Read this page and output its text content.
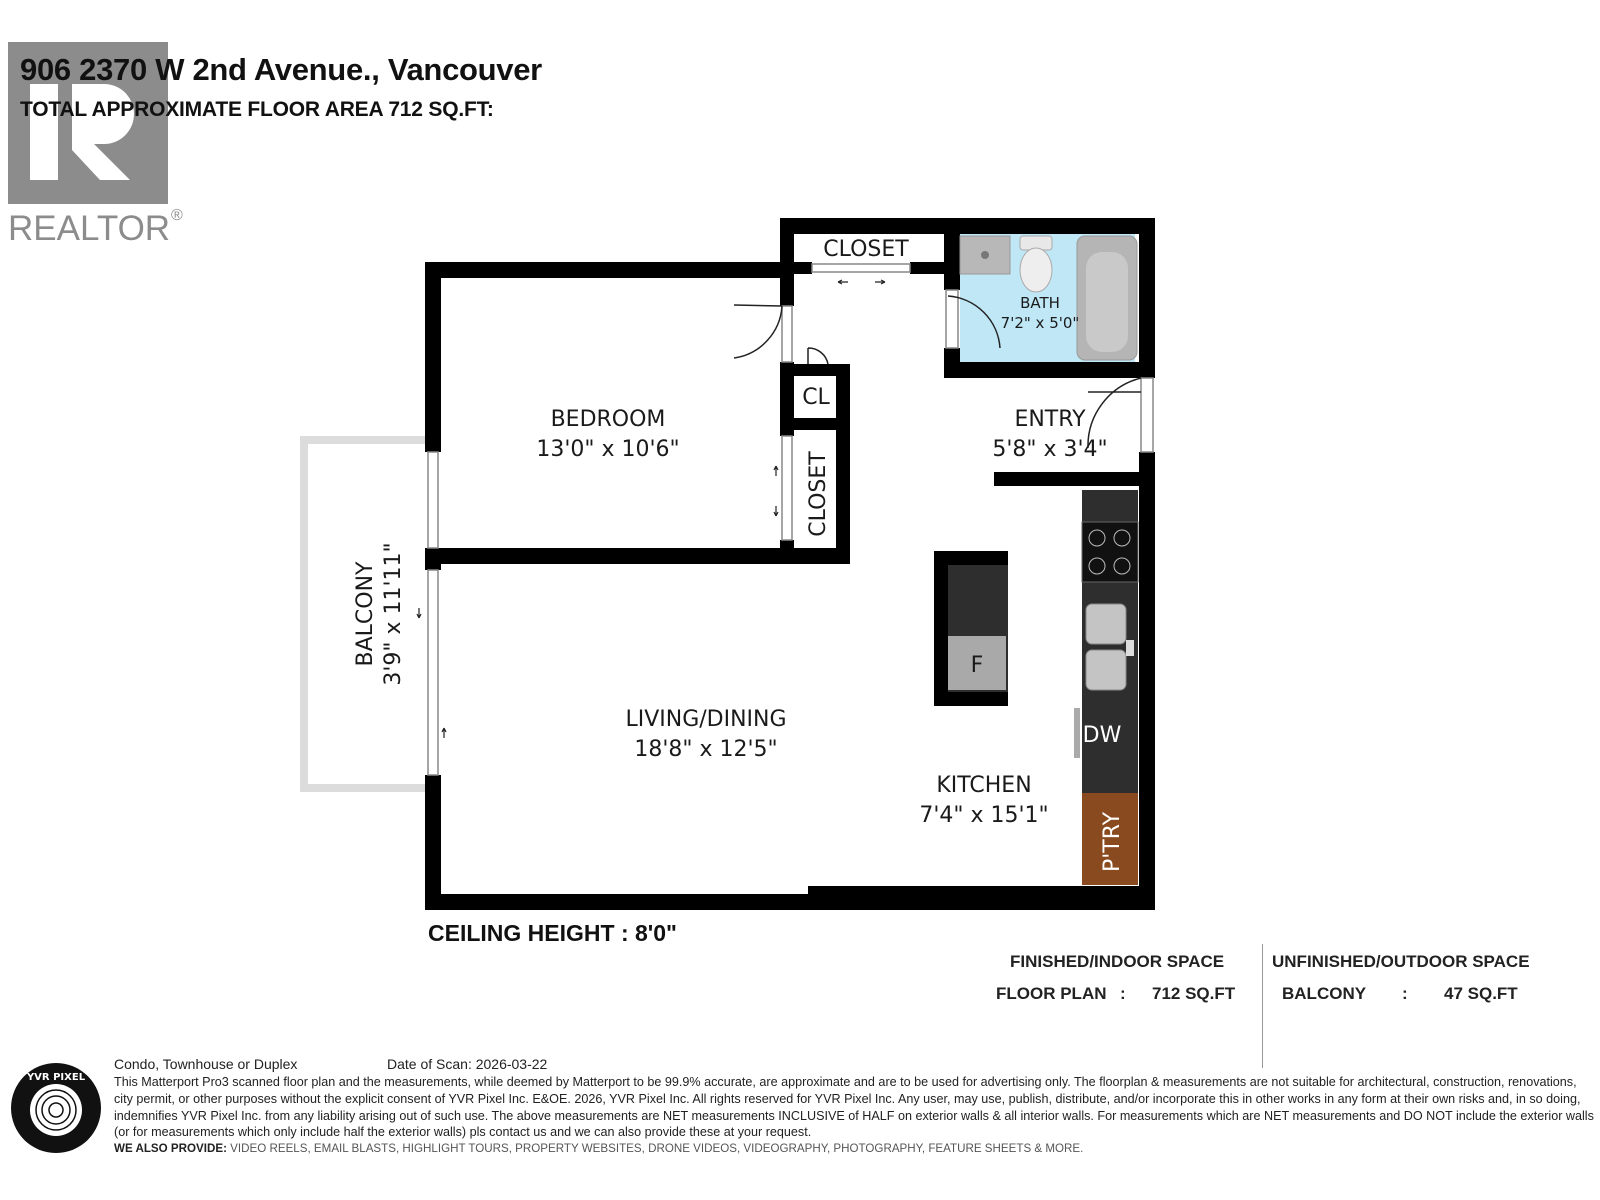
REALTOR ®
906 2370 W 2nd Avenue., Vancouver
TOTAL APPROXIMATE FLOOR AREA 712 SQ.FT:
CLOSET
BATH
7'2" x 5'0"
BEDROOM
13'0" x 10'6"
CL
CLOSET
ENTRY
5'8" x 3'4"
BALCONY 3'9" x 11'11"	F
LIVING/DINING
18'8" x 12'5"
DW
KITCHEN
7'4" x 15'1" P'TRY
CEILING HEIGHT : 8'0"
FINISHED/INDOOR SPACE
FLOOR PLAN : 712 SQ.FT
UNFINISHED/OUTDOOR SPACE
BALCONY : 47 SQ.FT
YVR PIXEL
Condo, Townhouse or Duplex	Date of Scan: 2026-03-22
This Matterport Pro3 scanned floor plan and the measurements, while deemed by Matterport to be 99.9% accurate, are approximate and are to be used for advertising only. The floorplan & measurements are not suitable for architectural, construction, renovations, city permit, or other purposes without the explicit consent of YVR Pixel Inc. E&OE. 2026, YVR Pixel Inc. All rights reserved for YVR Pixel Inc. Any user, may use, publish, distribute, and/or incorporate this in other works in any form at their own risks and, in so doing, indemnifies YVR Pixel Inc. from any liability arising out of such use. The above measurements are NET measurements INCLUSIVE of HALF on exterior walls & all interior walls. For measurements which are NET measurements and DO NOT include the exterior walls (or for measurements which only include half the exterior walls) pls contact us and we can also provide these at your request.
WE ALSO PROVIDE: VIDEO REELS, EMAIL BLASTS, HIGHLIGHT TOURS, PROPERTY WEBSITES, DRONE VIDEOS, VIDEOGRAPHY, PHOTOGRAPHY, FEATURE SHEETS & MORE.
